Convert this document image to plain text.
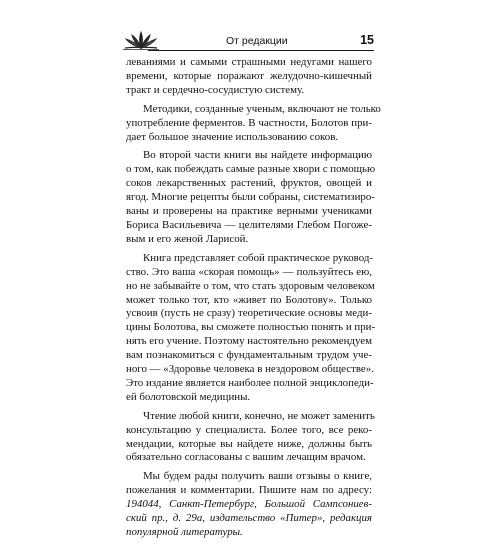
От редакции	15

леваниями и самыми страшными недугами нашего
времени, которые поражают желудочно-кишечный
тракт и сердечно-сосудистую систему.

Методики, созданные ученым, включают не только
употребление ферментов. В частности, Болотов при-
дает большое значение использованию соков.

Во второй части книги вы найдете информацию
о том, как побеждать самые разные хвори с помощью
соков лекарственных растений, фруктов, овощей и
ягод. Многие рецепты были собраны, систематизиро-
ваны и проверены на практике верными учениками
Бориса Васильевича — целителями Глебом Погоже-
вым и его женой Ларисой.

Книга представляет собой практическое руковод-
ство. Это ваша «скорая помощь» — пользуйтесь ею,
но не забывайте о том, что стать здоровым человеком
может только тот, кто «живет по Болотову». Только
усвоив (пусть не сразу) теоретические основы меди-
цины Болотова, вы сможете полностью понять и при-
нять его учение. Поэтому настоятельно рекомендуем
вам познакомиться с фундаментальным трудом уче-
ного — «Здоровье человека в нездоровом обществе».
Это издание является наиболее полной энциклопеди-
ей болотовской медицины.

Чтение любой книги, конечно, не может заменить
консультацию у специалиста. Более того, все реко-
мендации, которые вы найдете ниже, должны быть
обязательно согласованы с вашим лечащим врачом.

Мы будем рады получить ваши отзывы о книге,
пожелания и комментарии. Пишите нам по адресу:
194044, Санкт-Петербург, Большой Сампсониев-
ский пр., д. 29а, издательство «Питер», редакция
популярной литературы.
